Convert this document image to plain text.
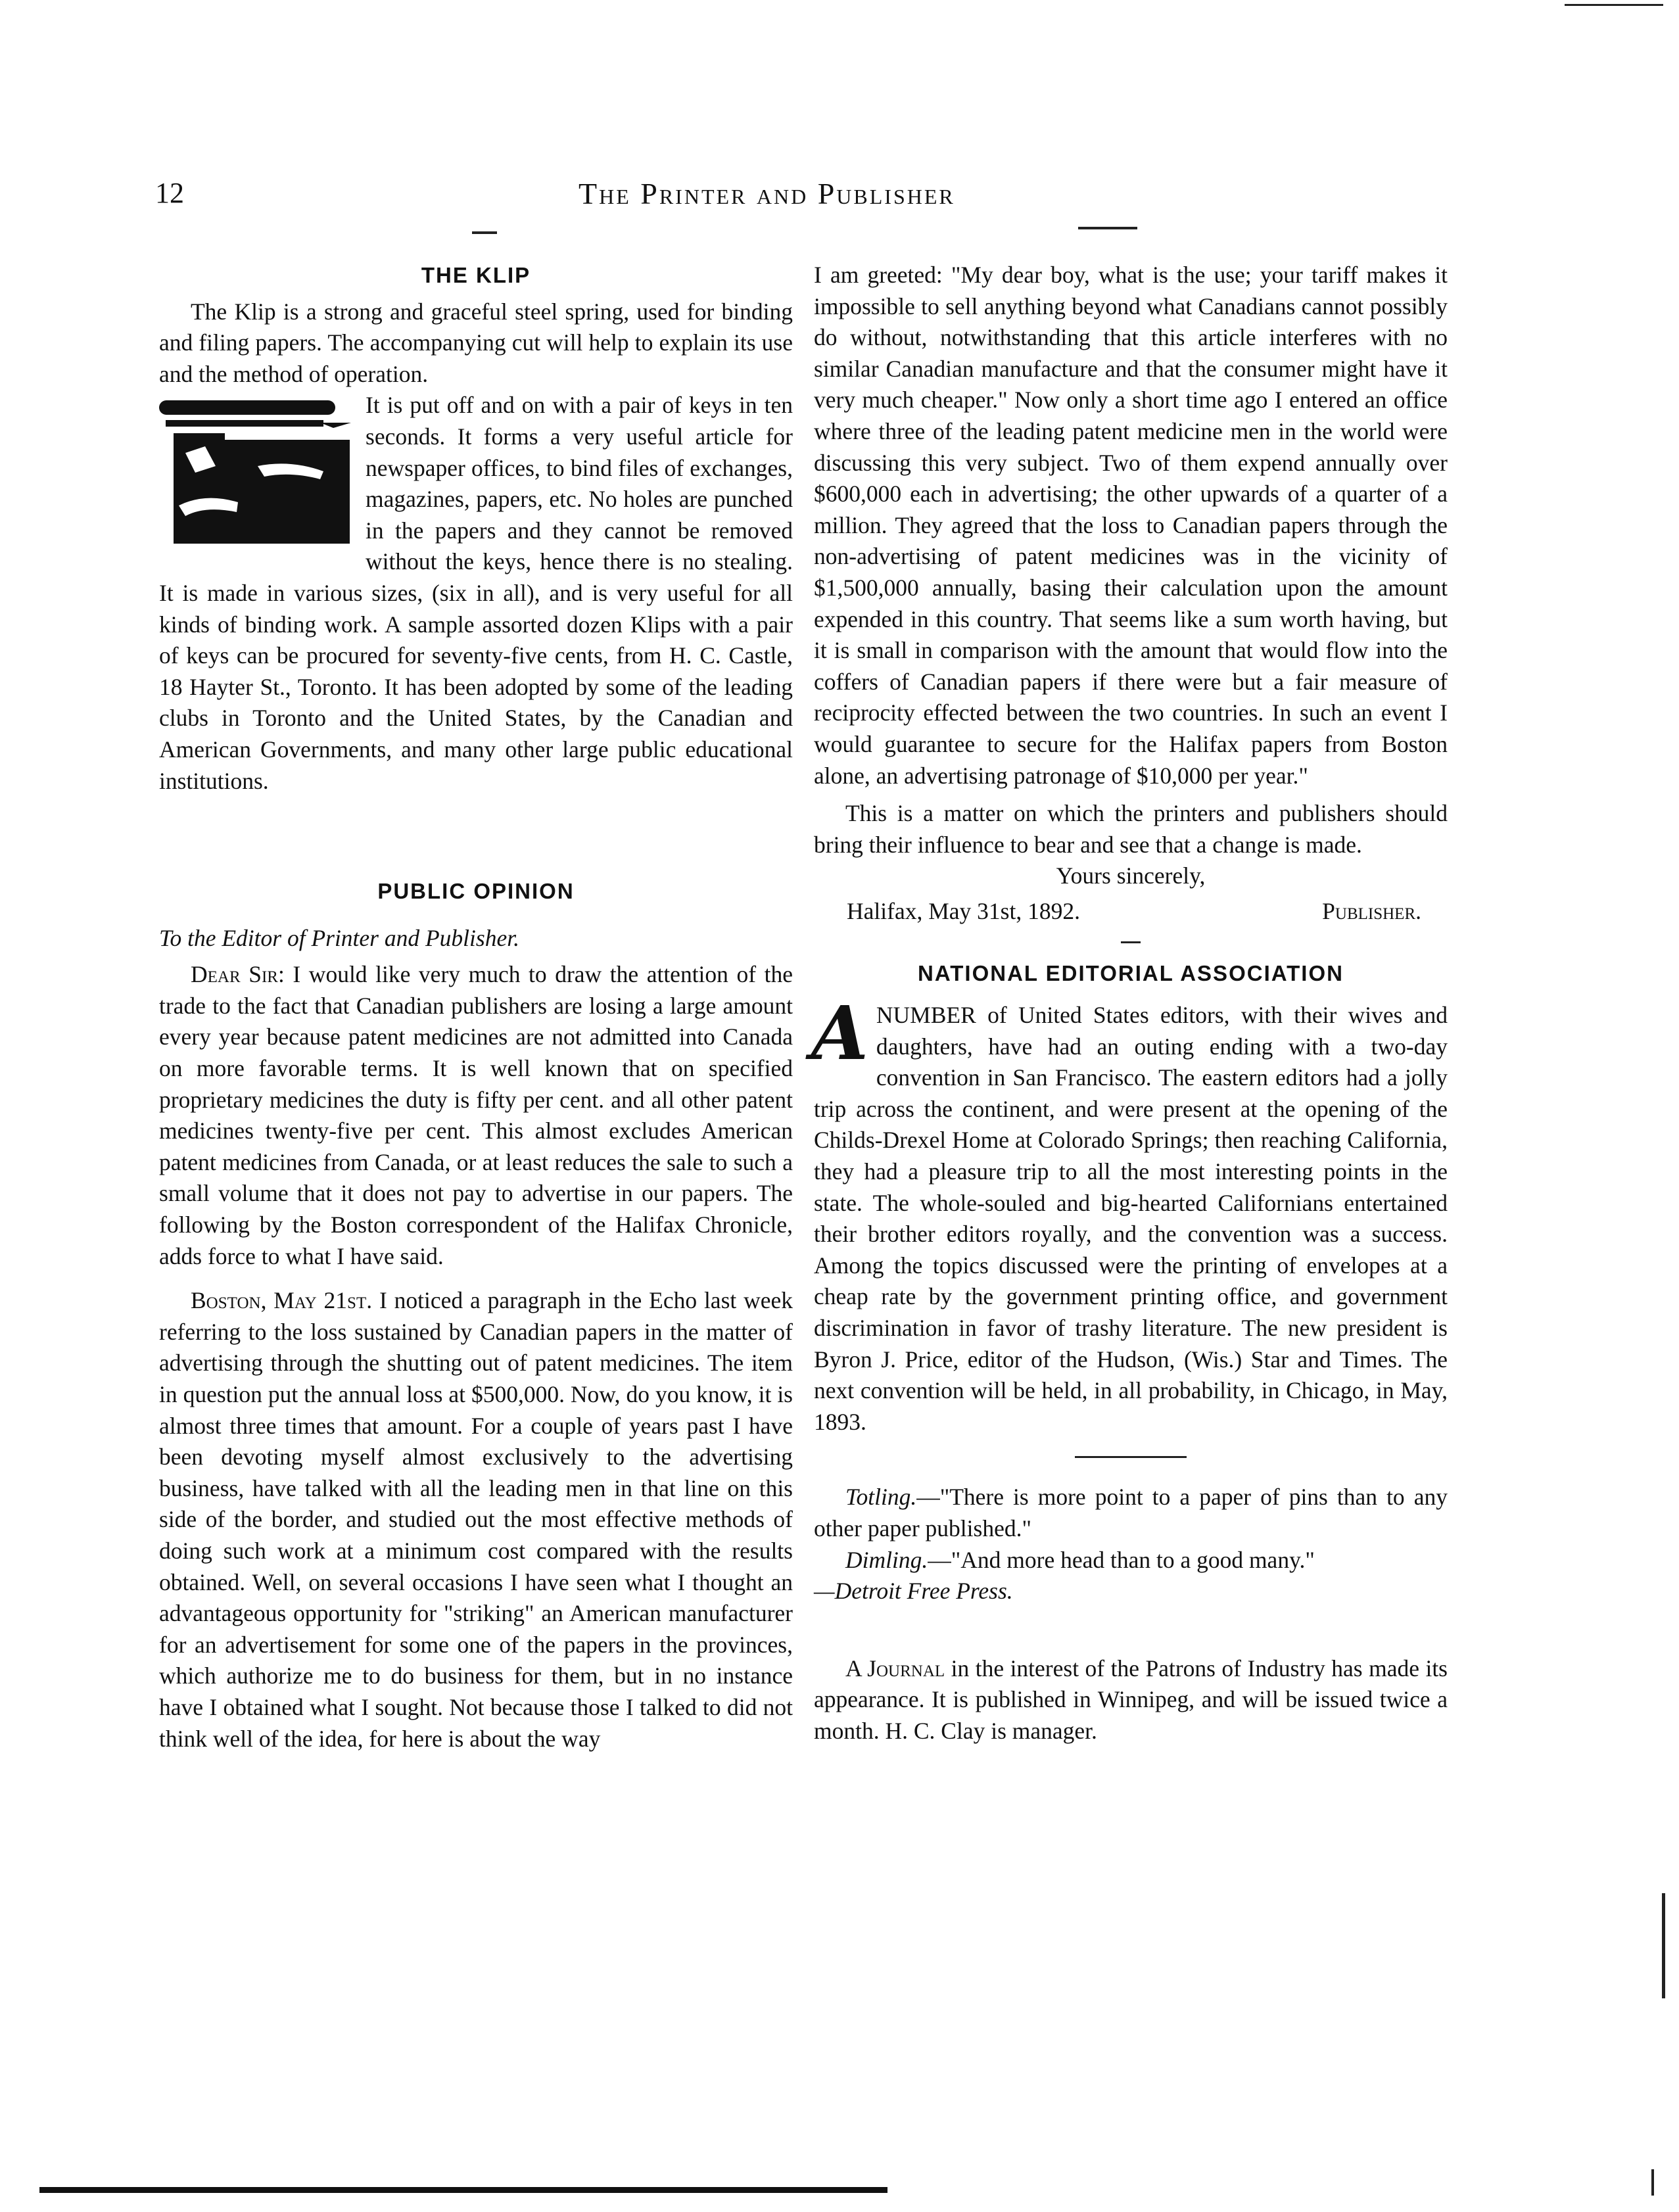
12	The Printer and Publisher

THE KLIP

The Klip is a strong and graceful steel spring, used for binding and filing papers. The accompanying cut will help to explain its use and the method of operation.

It is put off and on with a pair of keys in ten seconds. It forms a very useful article for newspaper offices, to bind files of exchanges, magazines, papers, etc. No holes are punched in the papers and they cannot be removed without the keys, hence there is no stealing. It is made in various sizes, (six in all), and is very useful for all kinds of binding work. A sample assorted dozen Klips with a pair of keys can be procured for seventy-five cents, from H. C. Castle, 18 Hayter St., Toronto. It has been adopted by some of the leading clubs in Toronto and the United States, by the Canadian and American Governments, and many other large public educational institutions.

PUBLIC OPINION

To the Editor of Printer and Publisher.

Dear Sir: I would like very much to draw the attention of the trade to the fact that Canadian publishers are losing a large amount every year because patent medicines are not admitted into Canada on more favorable terms. It is well known that on specified proprietary medicines the duty is fifty per cent. and all other patent medicines twenty-five per cent. This almost excludes American patent medicines from Canada, or at least reduces the sale to such a small volume that it does not pay to advertise in our papers. The following by the Boston correspondent of the Halifax Chronicle, adds force to what I have said.

Boston, May 21st. I noticed a paragraph in the Echo last week referring to the loss sustained by Canadian papers in the matter of advertising through the shutting out of patent medicines. The item in question put the annual loss at $500,000. Now, do you know, it is almost three times that amount. For a couple of years past I have been devoting myself almost exclusively to the advertising business, have talked with all the leading men in that line on this side of the border, and studied out the most effective methods of doing such work at a minimum cost compared with the results obtained. Well, on several occasions I have seen what I thought an advantageous opportunity for "striking" an American manufacturer for an advertisement for some one of the papers in the provinces, which authorize me to do business for them, but in no instance have I obtained what I sought. Not because those I talked to did not think well of the idea, for here is about the way

I am greeted: "My dear boy, what is the use; your tariff makes it impossible to sell anything beyond what Canadians cannot possibly do without, notwithstanding that this article interferes with no similar Canadian manufacture and that the consumer might have it very much cheaper." Now only a short time ago I entered an office where three of the leading patent medicine men in the world were discussing this very subject. Two of them expend annually over $600,000 each in advertising; the other upwards of a quarter of a million. They agreed that the loss to Canadian papers through the non-advertising of patent medicines was in the vicinity of $1,500,000 annually, basing their calculation upon the amount expended in this country. That seems like a sum worth having, but it is small in comparison with the amount that would flow into the coffers of Canadian papers if there were but a fair measure of reciprocity effected between the two countries. In such an event I would guarantee to secure for the Halifax papers from Boston alone, an advertising patronage of $10,000 per year."

This is a matter on which the printers and publishers should bring their influence to bear and see that a change is made.

Yours sincerely,

Halifax, May 31st, 1892.	Publisher.

NATIONAL EDITORIAL ASSOCIATION

ANUMBER of United States editors, with their wives and daughters, have had an outing ending with a two-day convention in San Francisco. The eastern editors had a jolly trip across the continent, and were present at the opening of the Childs-Drexel Home at Colorado Springs; then reaching California, they had a pleasure trip to all the most interesting points in the state. The whole-souled and big-hearted Californians entertained their brother editors royally, and the convention was a success. Among the topics discussed were the printing of envelopes at a cheap rate by the government printing office, and government discrimination in favor of trashy literature. The new president is Byron J. Price, editor of the Hudson, (Wis.) Star and Times. The next convention will be held, in all probability, in Chicago, in May, 1893.

Totling.—"There is more point to a paper of pins than to any other paper published."

Dimling.—"And more head than to a good many."

—Detroit Free Press.

A Journal in the interest of the Patrons of Industry has made its appearance. It is published in Winnipeg, and will be issued twice a month. H. C. Clay is manager.
